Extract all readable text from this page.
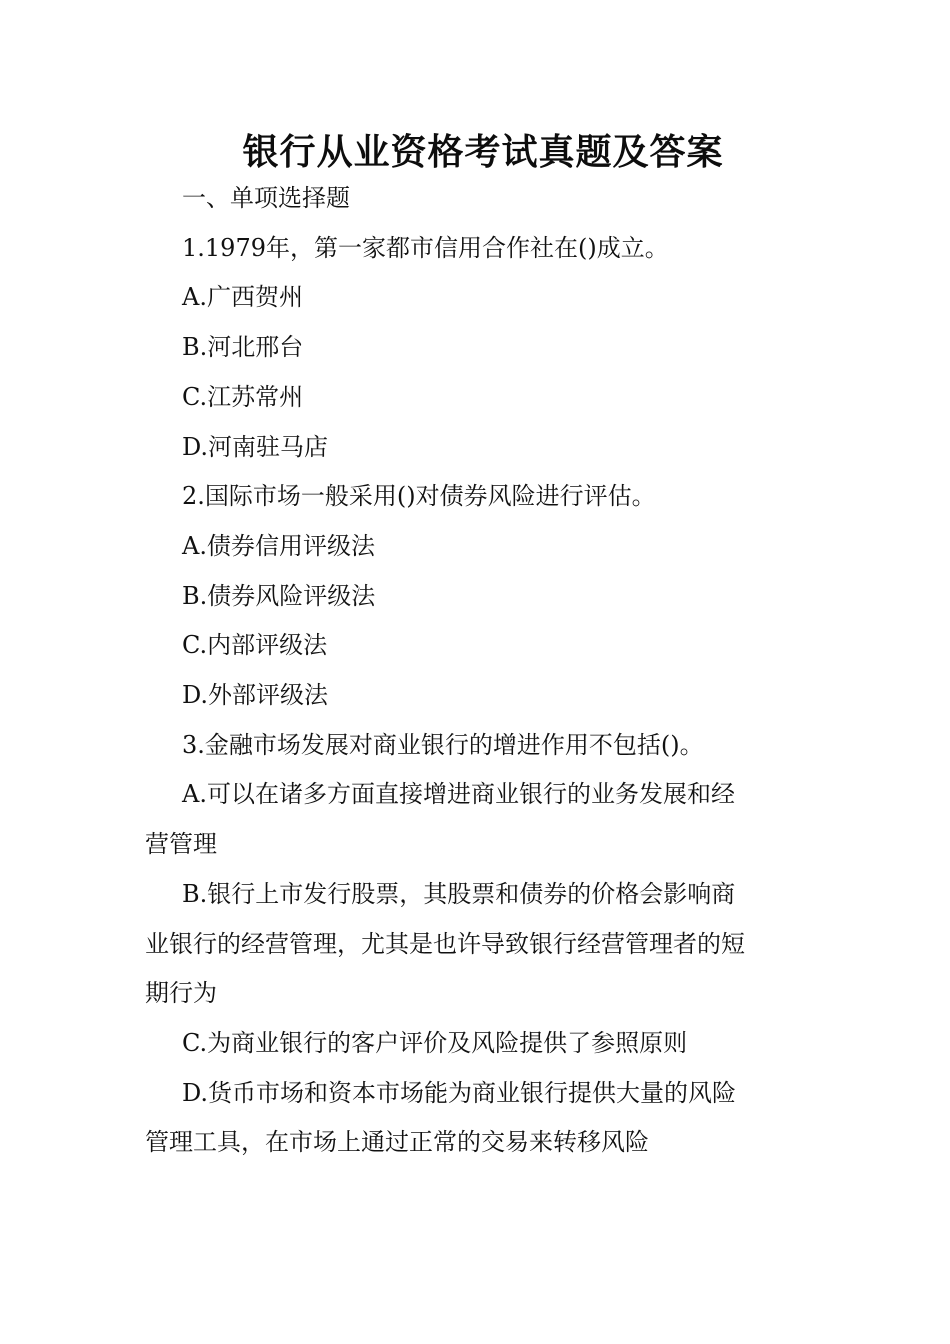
银行从业资格考试真题及答案
一、单项选择题
1.1979年，第一家都市信用合作社在()成立。
A.广西贺州
B.河北邢台
C.江苏常州
D.河南驻马店
2.国际市场一般采用()对债券风险进行评估。
A.债券信用评级法
B.债券风险评级法
C.内部评级法
D.外部评级法
3.金融市场发展对商业银行的增进作用不包括()。
A.可以在诸多方面直接增进商业银行的业务发展和经
营管理
B.银行上市发行股票，其股票和债券的价格会影响商
业银行的经营管理，尤其是也许导致银行经营管理者的短
期行为
C.为商业银行的客户评价及风险提供了参照原则
D.货币市场和资本市场能为商业银行提供大量的风险
管理工具，在市场上通过正常的交易来转移风险
